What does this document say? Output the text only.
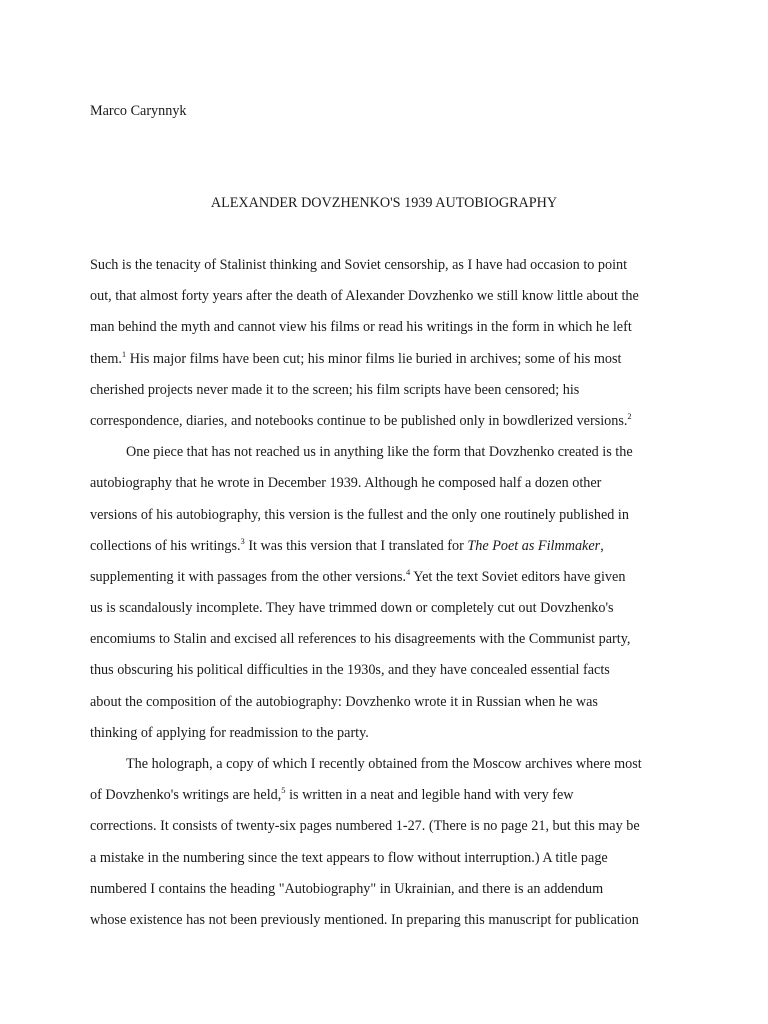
Marco Carynnyk
ALEXANDER DOVZHENKO'S 1939 AUTOBIOGRAPHY
Such is the tenacity of Stalinist thinking and Soviet censorship, as I have had occasion to point
out, that almost forty years after the death of Alexander Dovzhenko we still know little about the
man behind the myth and cannot view his films or read his writings in the form in which he left
them.$^1$ His major films have been cut; his minor films lie buried in archives; some of his most
cherished projects never made it to the screen; his film scripts have been censored; his
correspondence, diaries, and notebooks continue to be published only in bowdlerized versions.$^2$
One piece that has not reached us in anything like the form that Dovzhenko created is the
autobiography that he wrote in December 1939. Although he composed half a dozen other
versions of his autobiography, this version is the fullest and the only one routinely published in
collections of his writings.$^3$ It was this version that I translated for The Poet as Filmmaker,
supplementing it with passages from the other versions.$^4$ Yet the text Soviet editors have given
us is scandalously incomplete. They have trimmed down or completely cut out Dovzhenko's
encomiums to Stalin and excised all references to his disagreements with the Communist party,
thus obscuring his political difficulties in the 1930s, and they have concealed essential facts
about the composition of the autobiography: Dovzhenko wrote it in Russian when he was
thinking of applying for readmission to the party.
The holograph, a copy of which I recently obtained from the Moscow archives where most
of Dovzhenko's writings are held,$^5$ is written in a neat and legible hand with very few
corrections. It consists of twenty-six pages numbered 1-27. (There is no page 21, but this may be
a mistake in the numbering since the text appears to flow without interruption.) A title page
numbered I contains the heading "Autobiography" in Ukrainian, and there is an addendum
whose existence has not been previously mentioned. In preparing this manuscript for publication
